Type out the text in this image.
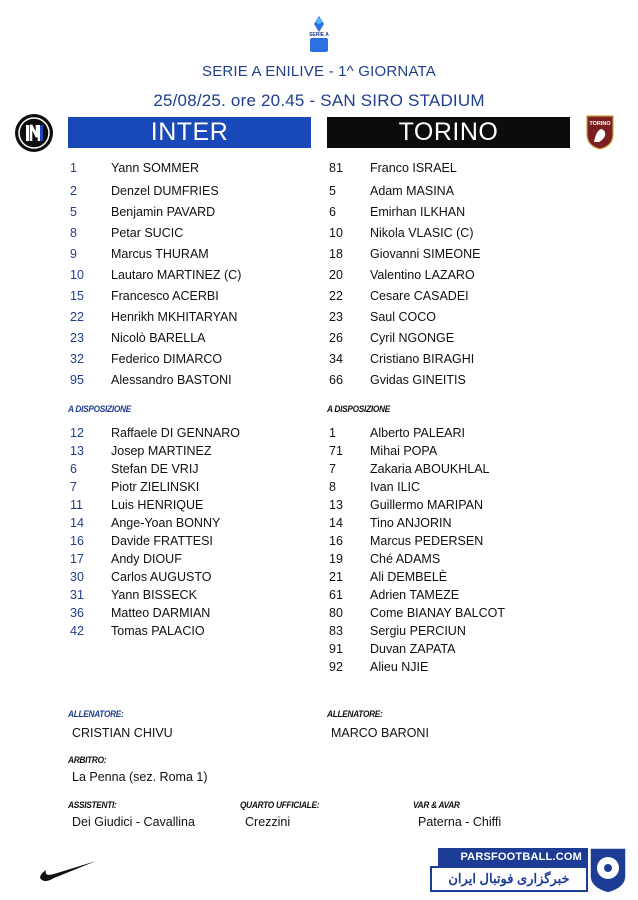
SERIE A
SERIE A ENILIVE - 1^ GIORNATA
25/08/25. ore 20.45 - SAN SIRO STADIUM
INTER	TORINO	TORINO
1	Yann SOMMER
2	Denzel DUMFRIES
5	Benjamin PAVARD
8	Petar SUCIC
9	Marcus THURAM
10	Lautaro MARTINEZ (C)
15	Francesco ACERBI
22	Henrikh MKHITARYAN
23	Nicolò BARELLA
32	Federico DIMARCO
95	Alessandro BASTONI
12	Raffaele DI GENNARO
13	Josep MARTINEZ
6	Stefan DE VRIJ
7	Piotr ZIELINSKI
11	Luis HENRIQUE
14	Ange-Yoan BONNY
16	Davide FRATTESI
17	Andy DIOUF
30	Carlos AUGUSTO
31	Yann BISSECK
36	Matteo DARMIAN
42	Tomas PALACIO
81	Franco ISRAEL
5	Adam MASINA
6	Emirhan ILKHAN
10	Nikola VLASIC (C)
18	Giovanni SIMEONE
20	Valentino LAZARO
22	Cesare CASADEI
23	Saul COCO
26	Cyril NGONGE
34	Cristiano BIRAGHI
66	Gvidas GINEITIS
1	Alberto PALEARI
71	Mihai POPA
7	Zakaria ABOUKHLAL
8	Ivan ILIC
13	Guillermo MARIPAN
14	Tino ANJORIN
16	Marcus PEDERSEN
19	Ché ADAMS
21	Ali DEMBELÈ
61	Adrien TAMEZE
80	Come BIANAY BALCOT
83	Sergiu PERCIUN
91	Duvan ZAPATA
92	Alieu NJIE
A DISPOSIZIONE	A DISPOSIZIONE
ALLENATORE:
CRISTIAN CHIVU
ALLENATORE:
MARCO BARONI
ARBITRO:
La Penna (sez. Roma 1)
ASSISTENTI:
Dei Giudici - Cavallina
QUARTO UFFICIALE:
Crezzini
VAR & AVAR
Paterna - Chiffi
PARSFOOTBALL.COM
خبرگزاری فوتبال ایران
